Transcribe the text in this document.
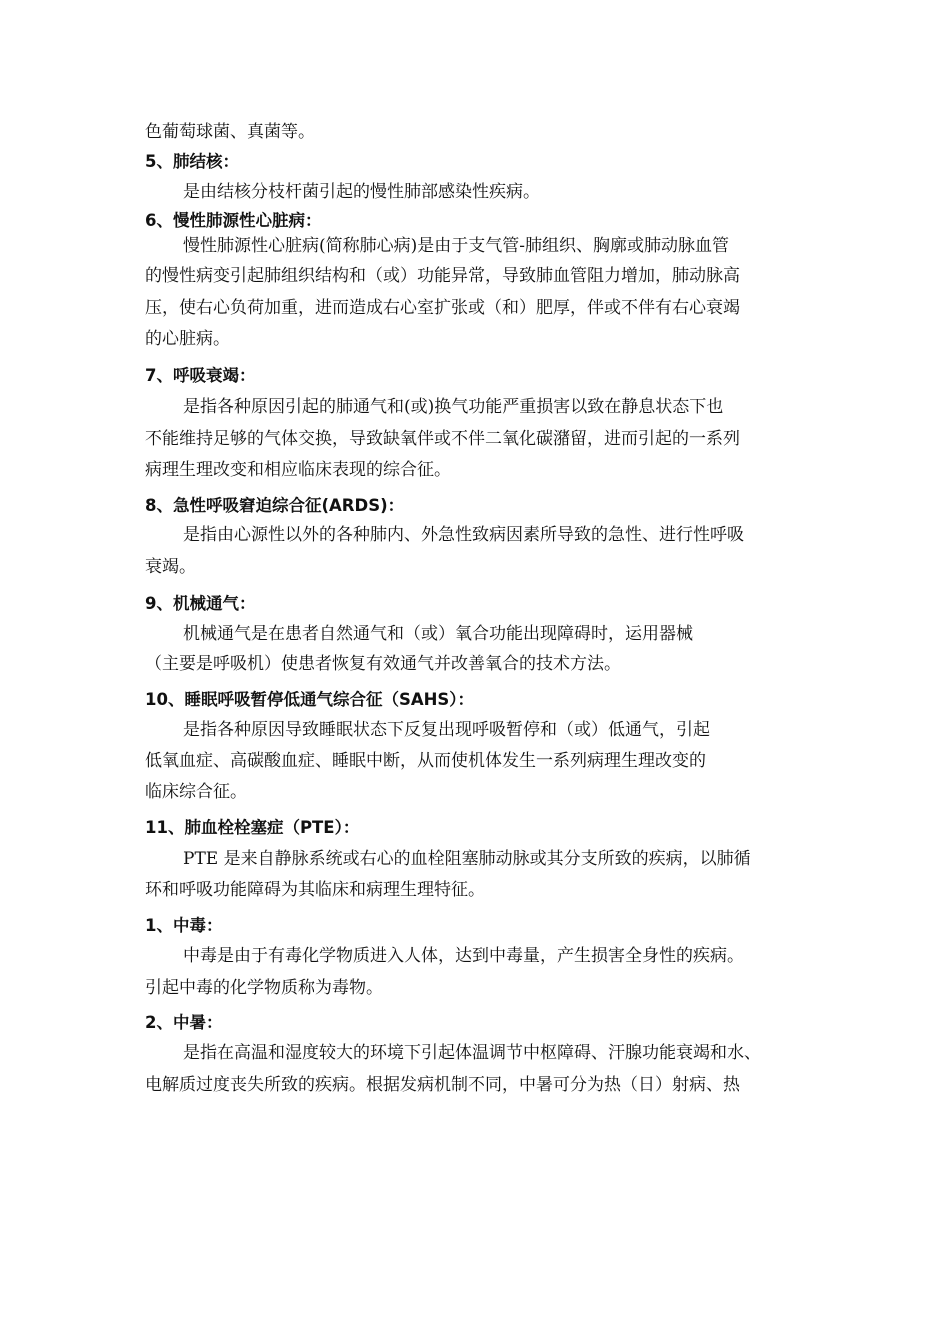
色葡萄球菌、真菌等。
5、肺结核：
是由结核分枝杆菌引起的慢性肺部感染性疾病。
6、慢性肺源性心脏病：
慢性肺源性心脏病(简称肺心病)是由于支气管-肺组织、胸廓或肺动脉血管
的慢性病变引起肺组织结构和（或）功能异常，导致肺血管阻力增加，肺动脉高
压，使右心负荷加重，进而造成右心室扩张或（和）肥厚，伴或不伴有右心衰竭
的心脏病。
7、呼吸衰竭：
是指各种原因引起的肺通气和(或)换气功能严重损害以致在静息状态下也
不能维持足够的气体交换，导致缺氧伴或不伴二氧化碳潴留，进而引起的一系列
病理生理改变和相应临床表现的综合征。
8、急性呼吸窘迫综合征(ARDS)：
是指由心源性以外的各种肺内、外急性致病因素所导致的急性、进行性呼吸
衰竭。
9、机械通气：
机械通气是在患者自然通气和（或）氧合功能出现障碍时，运用器械
（主要是呼吸机）使患者恢复有效通气并改善氧合的技术方法。
10、睡眠呼吸暂停低通气综合征（SAHS）：
是指各种原因导致睡眠状态下反复出现呼吸暂停和（或）低通气，引起
低氧血症、高碳酸血症、睡眠中断，从而使机体发生一系列病理生理改变的
临床综合征。
11、肺血栓栓塞症（PTE）：
PTE 是来自静脉系统或右心的血栓阻塞肺动脉或其分支所致的疾病，以肺循
环和呼吸功能障碍为其临床和病理生理特征。
1、中毒：
中毒是由于有毒化学物质进入人体，达到中毒量，产生损害全身性的疾病。
引起中毒的化学物质称为毒物。
2、中暑：
是指在高温和湿度较大的环境下引起体温调节中枢障碍、汗腺功能衰竭和水、
电解质过度丧失所致的疾病。根据发病机制不同，中暑可分为热（日）射病、热
